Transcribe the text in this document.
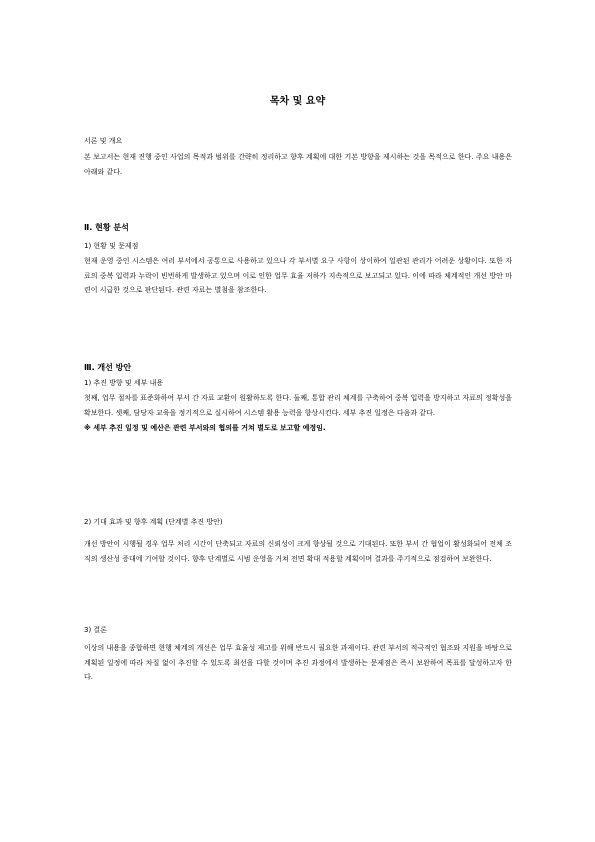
목차 및 요약
서론 및 개요
본 보고서는 현재 진행 중인 사업의 목적과 범위를 간략히 정리하고 향후 계획에 대한 기본 방향을 제시하는 것을 목적으로 한다. 주요 내용은 아래와 같다.
Ⅱ. 현황 분석
1) 현황 및 문제점
현재 운영 중인 시스템은 여러 부서에서 공통으로 사용하고 있으나 각 부서별 요구 사항이 상이하여 일관된 관리가 어려운 상황이다. 또한 자료의 중복 입력과 누락이 빈번하게 발생하고 있으며 이로 인한 업무 효율 저하가 지속적으로 보고되고 있다. 이에 따라 체계적인 개선 방안 마련이 시급한 것으로 판단된다. 관련 자료는 별첨을 참조한다.
Ⅲ. 개선 방안
1) 추진 방향 및 세부 내용
첫째, 업무 절차를 표준화하여 부서 간 자료 교환이 원활하도록 한다. 둘째, 통합 관리 체계를 구축하여 중복 입력을 방지하고 자료의 정확성을 확보한다. 셋째, 담당자 교육을 정기적으로 실시하여 시스템 활용 능력을 향상시킨다. 세부 추진 일정은 다음과 같다.
※ 세부 추진 일정 및 예산은 관련 부서와의 협의를 거쳐 별도로 보고할 예정임.
2) 기대 효과 및 향후 계획 (단계별 추진 방안)
개선 방안이 시행될 경우 업무 처리 시간이 단축되고 자료의 신뢰성이 크게 향상될 것으로 기대된다. 또한 부서 간 협업이 활성화되어 전체 조직의 생산성 증대에 기여할 것이다. 향후 단계별로 시범 운영을 거쳐 전면 확대 적용할 계획이며 결과를 주기적으로 점검하여 보완한다.
3) 결론
이상의 내용을 종합하면 현행 체계의 개선은 업무 효율성 제고를 위해 반드시 필요한 과제이다. 관련 부서의 적극적인 협조와 지원을 바탕으로 계획된 일정에 따라 차질 없이 추진할 수 있도록 최선을 다할 것이며 추진 과정에서 발생하는 문제점은 즉시 보완하여 목표를 달성하고자 한다.
